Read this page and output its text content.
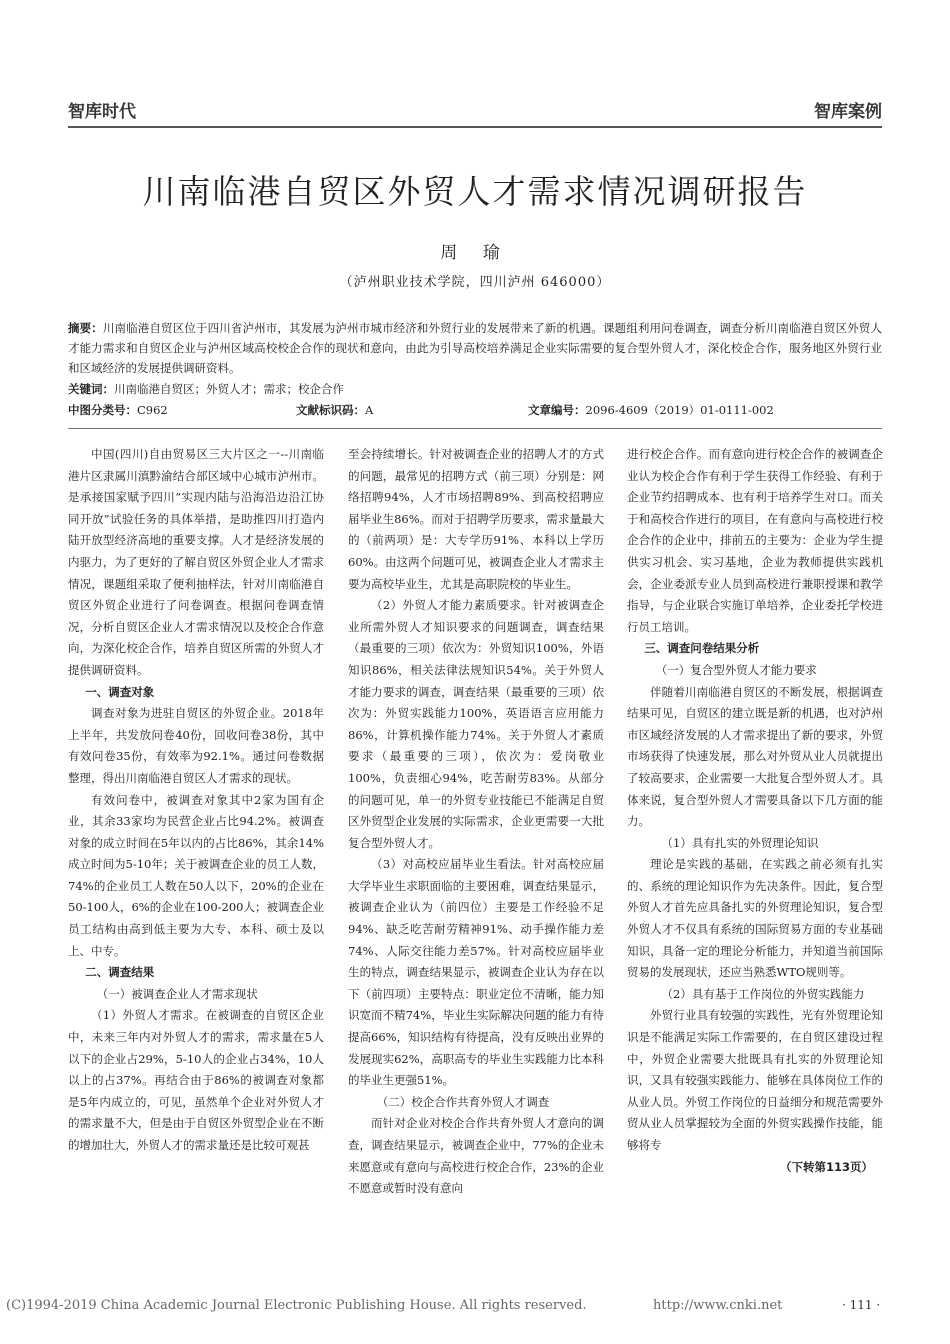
智库时代	智库案例
川南临港自贸区外贸人才需求情况调研报告
周 瑜
（泸州职业技术学院，四川泸州 646000）
摘要：川南临港自贸区位于四川省泸州市，其发展为泸州市城市经济和外贸行业的发展带来了新的机遇。课题组利用问卷调查，调查分析川南临港自贸区外贸人才能力需求和自贸区企业与泸州区域高校校企合作的现状和意向，由此为引导高校培养满足企业实际需要的复合型外贸人才，深化校企合作，服务地区外贸行业和区域经济的发展提供调研资料。
关键词：川南临港自贸区；外贸人才；需求；校企合作
中图分类号：C962	文献标识码：A	文章编号：2096-4609（2019）01-0111-002

中国(四川)自由贸易区三大片区之一--川南临港片区隶属川滇黔渝结合部区域中心城市泸州市。是承接国家赋予四川“实现内陆与沿海沿边沿江协同开放”试验任务的具体举措，是助推四川打造内陆开放型经济高地的重要支撑。人才是经济发展的内驱力，为了更好的了解自贸区外贸企业人才需求情况，课题组采取了便利抽样法，针对川南临港自贸区外贸企业进行了问卷调查。根据问卷调查情况，分析自贸区企业人才需求情况以及校企合作意向，为深化校企合作，培养自贸区所需的外贸人才提供调研资料。

一、调查对象

调查对象为进驻自贸区的外贸企业。2018年上半年，共发放问卷40份，回收问卷38份，其中有效问卷35份，有效率为92.1%。通过问卷数据整理，得出川南临港自贸区人才需求的现状。

有效问卷中，被调查对象其中2家为国有企业，其余33家均为民营企业占比94.2%。被调查对象的成立时间在5年以内的占比86%，其余14%成立时间为5-10年；关于被调查企业的员工人数，74%的企业员工人数在50人以下，20%的企业在50-100人，6%的企业在100-200人；被调查企业员工结构由高到低主要为大专、本科、硕士及以上、中专。

二、调查结果

（一）被调查企业人才需求现状

（1）外贸人才需求。在被调查的自贸区企业中，未来三年内对外贸人才的需求，需求量在5人以下的企业占29%，5-10人的企业占34%，10人以上的占37%。再结合由于86%的被调查对象都是5年内成立的，可见，虽然单个企业对外贸人才的需求量不大，但是由于自贸区外贸型企业在不断的增加壮大，外贸人才的需求量还是比较可观甚

至会持续增长。针对被调查企业的招聘人才的方式的问题，最常见的招聘方式（前三项）分别是：网络招聘94%，人才市场招聘89%、到高校招聘应届毕业生86%。而对于招聘学历要求，需求量最大的（前两项）是：大专学历91%、本科以上学历60%。由这两个问题可见，被调查企业人才需求主要为高校毕业生，尤其是高职院校的毕业生。

（2）外贸人才能力素质要求。针对被调查企业所需外贸人才知识要求的问题调查，调查结果（最重要的三项）依次为：外贸知识100%，外语知识86%，相关法律法规知识54%。关于外贸人才能力要求的调查，调查结果（最重要的三项）依次为：外贸实践能力100%，英语语言应用能力86%，计算机操作能力74%。关于外贸人才素质要求（最重要的三项），依次为：爱岗敬业100%，负责细心94%，吃苦耐劳83%。从部分的问题可见，单一的外贸专业技能已不能满足自贸区外贸型企业发展的实际需求，企业更需要一大批复合型外贸人才。

（3）对高校应届毕业生看法。针对高校应届大学毕业生求职面临的主要困难，调查结果显示，被调查企业认为（前四位）主要是工作经验不足94%、缺乏吃苦耐劳精神91%、动手操作能力差74%、人际交往能力差57%。针对高校应届毕业生的特点，调查结果显示，被调查企业认为存在以下（前四项）主要特点：职业定位不清晰，能力知识宽而不精74%，毕业生实际解决问题的能力有待提高66%，知识结构有待提高，没有反映出业界的发展现实62%，高职高专的毕业生实践能力比本科的毕业生更强51%。

（二）校企合作共育外贸人才调查

而针对企业对校企合作共育外贸人才意向的调查，调查结果显示，被调查企业中，77%的企业未来愿意或有意向与高校进行校企合作，23%的企业不愿意或暂时没有意向

进行校企合作。而有意向进行校企合作的被调查企业认为校企合作有利于学生获得工作经验、有利于企业节约招聘成本、也有利于培养学生对口。而关于和高校合作进行的项目，在有意向与高校进行校企合作的企业中，排前五的主要为：企业为学生提供实习机会、实习基地，企业为教师提供实践机会，企业委派专业人员到高校进行兼职授课和教学指导，与企业联合实施订单培养，企业委托学校进行员工培训。

三、调查问卷结果分析

（一）复合型外贸人才能力要求

伴随着川南临港自贸区的不断发展，根据调查结果可见，自贸区的建立既是新的机遇，也对泸州市区域经济发展的人才需求提出了新的要求，外贸市场获得了快速发展，那么对外贸从业人员就提出了较高要求，企业需要一大批复合型外贸人才。具体来说，复合型外贸人才需要具备以下几方面的能力。

（1）具有扎实的外贸理论知识

理论是实践的基础，在实践之前必须有扎实的、系统的理论知识作为先决条件。因此，复合型外贸人才首先应具备扎实的外贸理论知识，复合型外贸人才不仅具有系统的国际贸易方面的专业基础知识，具备一定的理论分析能力，并知道当前国际贸易的发展现状，还应当熟悉WTO规则等。

（2）具有基于工作岗位的外贸实践能力

外贸行业具有较强的实践性，光有外贸理论知识是不能满足实际工作需要的，在自贸区建设过程中，外贸企业需要大批既具有扎实的外贸理论知识，又具有较强实践能力、能够在具体岗位工作的从业人员。外贸工作岗位的日益细分和规范需要外贸从业人员掌握较为全面的外贸实践操作技能，能够将专

（下转第113页）

(C)1994-2019 China Academic Journal Electronic Publishing House. All rights reserved.	http://www.cnki.net	· 111 ·
